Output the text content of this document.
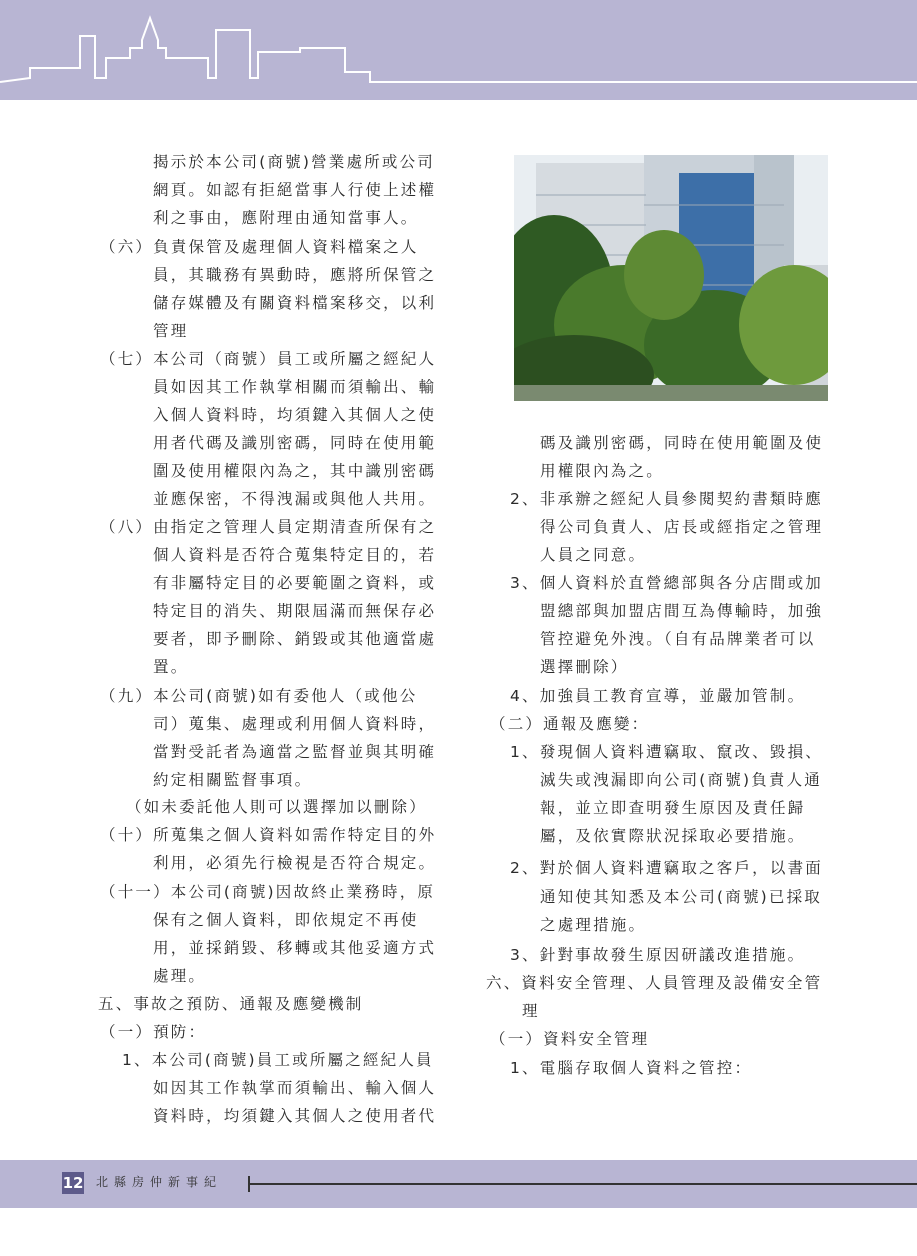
揭示於本公司(商號)營業處所或公司
網頁。如認有拒絕當事人行使上述權
利之事由，應附理由通知當事人。
（六）負責保管及處理個人資料檔案之人
員，其職務有異動時，應將所保管之
儲存媒體及有關資料檔案移交，以利
管理
（七）本公司（商號）員工或所屬之經紀人
員如因其工作執掌相關而須輸出、輸
入個人資料時，均須鍵入其個人之使
用者代碼及識別密碼，同時在使用範
圍及使用權限內為之，其中識別密碼
並應保密，不得洩漏或與他人共用。
（八）由指定之管理人員定期清查所保有之
個人資料是否符合蒐集特定目的，若
有非屬特定目的必要範圍之資料，或
特定目的消失、期限屆滿而無保存必
要者，即予刪除、銷毀或其他適當處
置。
（九）本公司(商號)如有委他人（或他公
司）蒐集、處理或利用個人資料時，
當對受託者為適當之監督並與其明確
約定相關監督事項。
（如未委託他人則可以選擇加以刪除）
（十）所蒐集之個人資料如需作特定目的外
利用，必須先行檢視是否符合規定。
（十一）本公司(商號)因故終止業務時，原
保有之個人資料，即依規定不再使
用，並採銷毀、移轉或其他妥適方式
處理。
五、事故之預防、通報及應變機制
（一）預防：
1、本公司(商號)員工或所屬之經紀人員
如因其工作執掌而須輸出、輸入個人
資料時，均須鍵入其個人之使用者代
碼及識別密碼，同時在使用範圍及使
用權限內為之。
2、非承辦之經紀人員參閱契約書類時應
得公司負責人、店長或經指定之管理
人員之同意。
3、個人資料於直營總部與各分店間或加
盟總部與加盟店間互為傳輸時，加強
管控避免外洩。（自有品牌業者可以
選擇刪除）
4、加強員工教育宣導，並嚴加管制。
（二）通報及應變：
1、發現個人資料遭竊取、竄改、毀損、
滅失或洩漏即向公司(商號)負責人通
報，並立即查明發生原因及責任歸
屬，及依實際狀況採取必要措施。
2、對於個人資料遭竊取之客戶，以書面
通知使其知悉及本公司(商號)已採取
之處理措施。
3、針對事故發生原因研議改進措施。
六、資料安全管理、人員管理及設備安全管
理
（一）資料安全管理
1、電腦存取個人資料之管控：
12 北縣房仲新事紀
